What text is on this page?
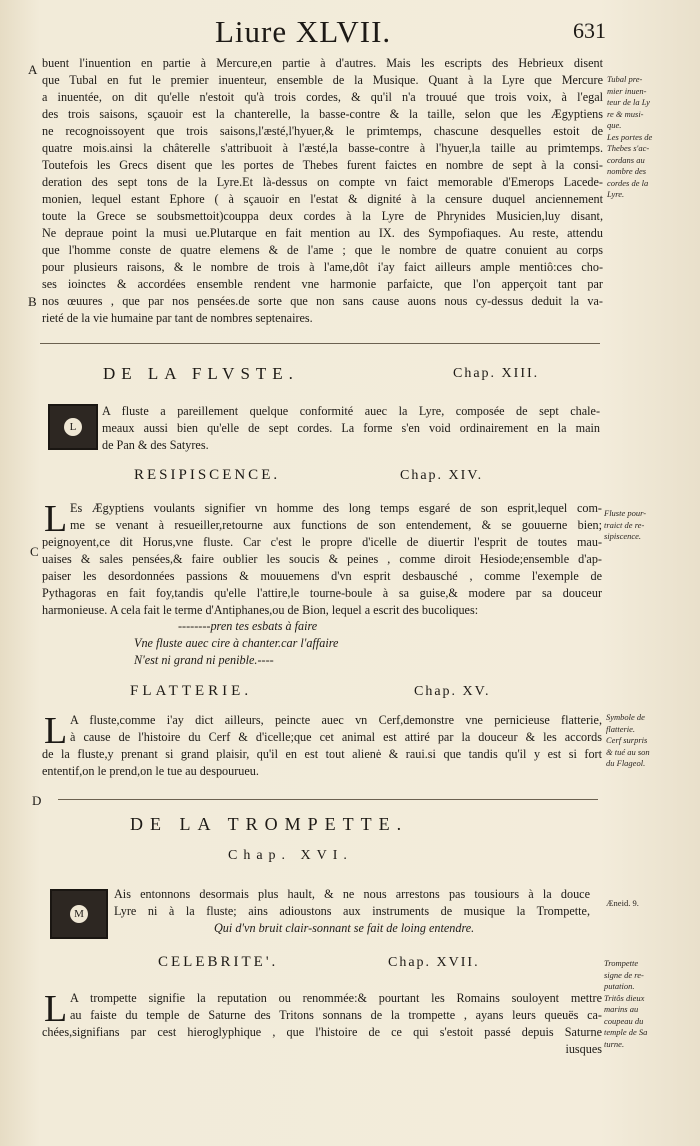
Liure XLVII.	631
A
B
C
D
buent l'inuention en partie à Mercure,en partie à d'autres. Mais les escripts des Hebrieux disent
que Tubal en fut le premier inuenteur, ensemble de la Musique. Quant à la Lyre que Mercure
a inuentée, on dit qu'elle n'estoit qu'à trois cordes, & qu'il n'a trouué que trois voix, à l'egal
des trois saisons, sçauoir est la chanterelle, la basse-contre & la taille, selon que les Ægyptiens
ne recognoissoyent que trois saisons,l'æsté,l'hyuer,& le primtemps, chascune desquelles estoit de
quatre mois.ainsi la châterelle s'attribuoit à l'æsté,la basse-contre à l'hyuer,la taille au primtemps.
Toutefois les Grecs disent que les portes de Thebes furent faictes en nombre de sept à la consi-
deration des sept tons de la Lyre.Et là-dessus on compte vn faict memorable d'Emerops Lacede-
monien, lequel estant Ephore ( à sçauoir en l'estat & dignité à la censure duquel anciennement
toute la Grece se soubsmettoit)couppa deux cordes à la Lyre de Phrynides Musicien,luy disant,
Ne depraue point la musi ue.Plutarque en fait mention au IX. des Sympofiaques. Au reste, attendu
que l'homme conste de quatre elemens & de l'ame ; que le nombre de quatre conuient au corps
pour plusieurs raisons, & le nombre de trois à l'ame,dôt i'ay faict ailleurs ample mentiô:ces cho-
ses ioinctes & accordées ensemble rendent vne harmonie parfaicte, que l'on apperçoit tant par
nos œuures , que par nos pensées.de sorte que non sans cause auons nous cy-dessus deduit la va-
rieté de la vie humaine par tant de nombres septenaires.
Tubal pre-
mier inuen-
teur de la Ly
re & musi-
que.
Les portes de
Thebes s'ac-
cordans au
nombre des
cordes de la
Lyre.
DE LA FLVSTE.	Chap. XIII.
L
A fluste a pareillement quelque conformité auec la Lyre, composée de sept chale-
meaux aussi bien qu'elle de sept cordes. La forme s'en void ordinairement en la main
de Pan & des Satyres.
RESIPISCENCE.	Chap. XIV.
L Es Ægyptiens voulants signifier vn homme des long temps esgaré de son esprit,lequel com-
me se venant à resueiller,retourne aux functions de son entendement, & se gouuerne bien;
peignoyent,ce dit Horus,vne fluste. Car c'est le propre d'icelle de diuertir l'esprit de toutes mau-
uaises & sales pensées,& faire oublier les soucis & peines , comme diroit Hesiode;ensemble d'ap-
paiser les desordonnées passions & mouuemens d'vn esprit desbausché , comme l'exemple de
Pythagoras en fait foy,tandis qu'elle l'attire,le tourne-boule à sa guise,& modere par sa douceur
harmonieuse. A cela fait le terme d'Antiphanes,ou de Bion, lequel a escrit des bucoliques:
--------pren tes esbats à faire
Vne fluste auec cire à chanter.car l'affaire
N'est ni grand ni penible.----
Fluste pour-
traict de re-
sipiscence.
FLATTERIE.	Chap. XV.
L A fluste,comme i'ay dict ailleurs, peincte auec vn Cerf,demonstre vne pernicieuse flatterie,
à cause de l'histoire du Cerf & d'icelle;que cet animal est attiré par la douceur & les accords
de la fluste,y prenant si grand plaisir, qu'il en est tout alienė & raui.si que tandis qu'il y est si fort
ententif,on le prend,on le tue au despourueu.
Symbole de
flatterie.
Cerf surpris
& tué au son
du Flageol.
DE LA TROMPETTE.
Chap. XVI.
M
Ais entonnons desormais plus hault, & ne nous arrestons pas tousiours à la douce
Lyre ni à la fluste; ains adioustons aux instruments de musique la Trompette,
Qui d'vn bruit clair-sonnant se fait de loing entendre.
Æneid. 9.
CELEBRITE'.	Chap. XVII.
L A trompette signifie la reputation ou renommée:& pourtant les Romains souloyent mettre
au faiste du temple de Saturne des Tritons sonnans de la trompette , ayans leurs queuës ca-
chées,signifians par cest hieroglyphique , que l'histoire de ce qui s'estoit passé depuis Saturne
iusques
Trompette
signe de re-
putation.
Tritôs dieux
marins au
coupeau du
temple de Sa
turne.
